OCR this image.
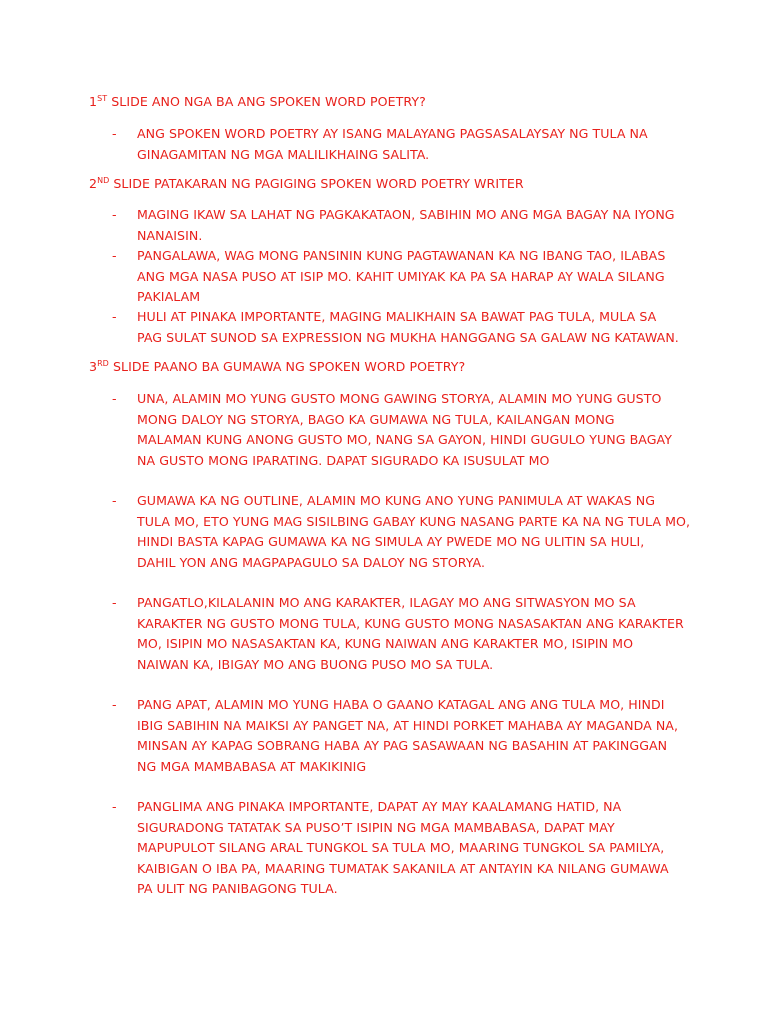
1ST SLIDE ANO NGA BA ANG SPOKEN WORD POETRY?
- ANG SPOKEN WORD POETRY AY ISANG MALAYANG PAGSASALAYSAY NG TULA NA
GINAGAMITAN NG MGA MALILIKHAING SALITA.
2ND SLIDE PATAKARAN NG PAGIGING SPOKEN WORD POETRY WRITER
- MAGING IKAW SA LAHAT NG PAGKAKATAON, SABIHIN MO ANG MGA BAGAY NA IYONG
NANAISIN.
- PANGALAWA, WAG MONG PANSININ KUNG PAGTAWANAN KA NG IBANG TAO, ILABAS
ANG MGA NASA PUSO AT ISIP MO. KAHIT UMIYAK KA PA SA HARAP AY WALA SILANG
PAKIALAM
- HULI AT PINAKA IMPORTANTE, MAGING MALIKHAIN SA BAWAT PAG TULA, MULA SA
PAG SULAT SUNOD SA EXPRESSION NG MUKHA HANGGANG SA GALAW NG KATAWAN.
3RD SLIDE PAANO BA GUMAWA NG SPOKEN WORD POETRY?
- UNA, ALAMIN MO YUNG GUSTO MONG GAWING STORYA, ALAMIN MO YUNG GUSTO
MONG DALOY NG STORYA, BAGO KA GUMAWA NG TULA, KAILANGAN MONG
MALAMAN KUNG ANONG GUSTO MO, NANG SA GAYON, HINDI GUGULO YUNG BAGAY
NA GUSTO MONG IPARATING. DAPAT SIGURADO KA ISUSULAT MO
- GUMAWA KA NG OUTLINE, ALAMIN MO KUNG ANO YUNG PANIMULA AT WAKAS NG
TULA MO, ETO YUNG MAG SISILBING GABAY KUNG NASANG PARTE KA NA NG TULA MO,
HINDI BASTA KAPAG GUMAWA KA NG SIMULA AY PWEDE MO NG ULITIN SA HULI,
DAHIL YON ANG MAGPAPAGULO SA DALOY NG STORYA.
- PANGATLO,KILALANIN MO ANG KARAKTER, ILAGAY MO ANG SITWASYON MO SA
KARAKTER NG GUSTO MONG TULA, KUNG GUSTO MONG NASASAKTAN ANG KARAKTER
MO, ISIPIN MO NASASAKTAN KA, KUNG NAIWAN ANG KARAKTER MO, ISIPIN MO
NAIWAN KA, IBIGAY MO ANG BUONG PUSO MO SA TULA.
- PANG APAT, ALAMIN MO YUNG HABA O GAANO KATAGAL ANG ANG TULA MO, HINDI
IBIG SABIHIN NA MAIKSI AY PANGET NA, AT HINDI PORKET MAHABA AY MAGANDA NA,
MINSAN AY KAPAG SOBRANG HABA AY PAG SASAWAAN NG BASAHIN AT PAKINGGAN
NG MGA MAMBABASA AT MAKIKINIG
- PANGLIMA ANG PINAKA IMPORTANTE, DAPAT AY MAY KAALAMANG HATID, NA
SIGURADONG TATATAK SA PUSO’T ISIPIN NG MGA MAMBABASA, DAPAT MAY
MAPUPULOT SILANG ARAL TUNGKOL SA TULA MO, MAARING TUNGKOL SA PAMILYA,
KAIBIGAN O IBA PA, MAARING TUMATAK SAKANILA AT ANTAYIN KA NILANG GUMAWA
PA ULIT NG PANIBAGONG TULA.
